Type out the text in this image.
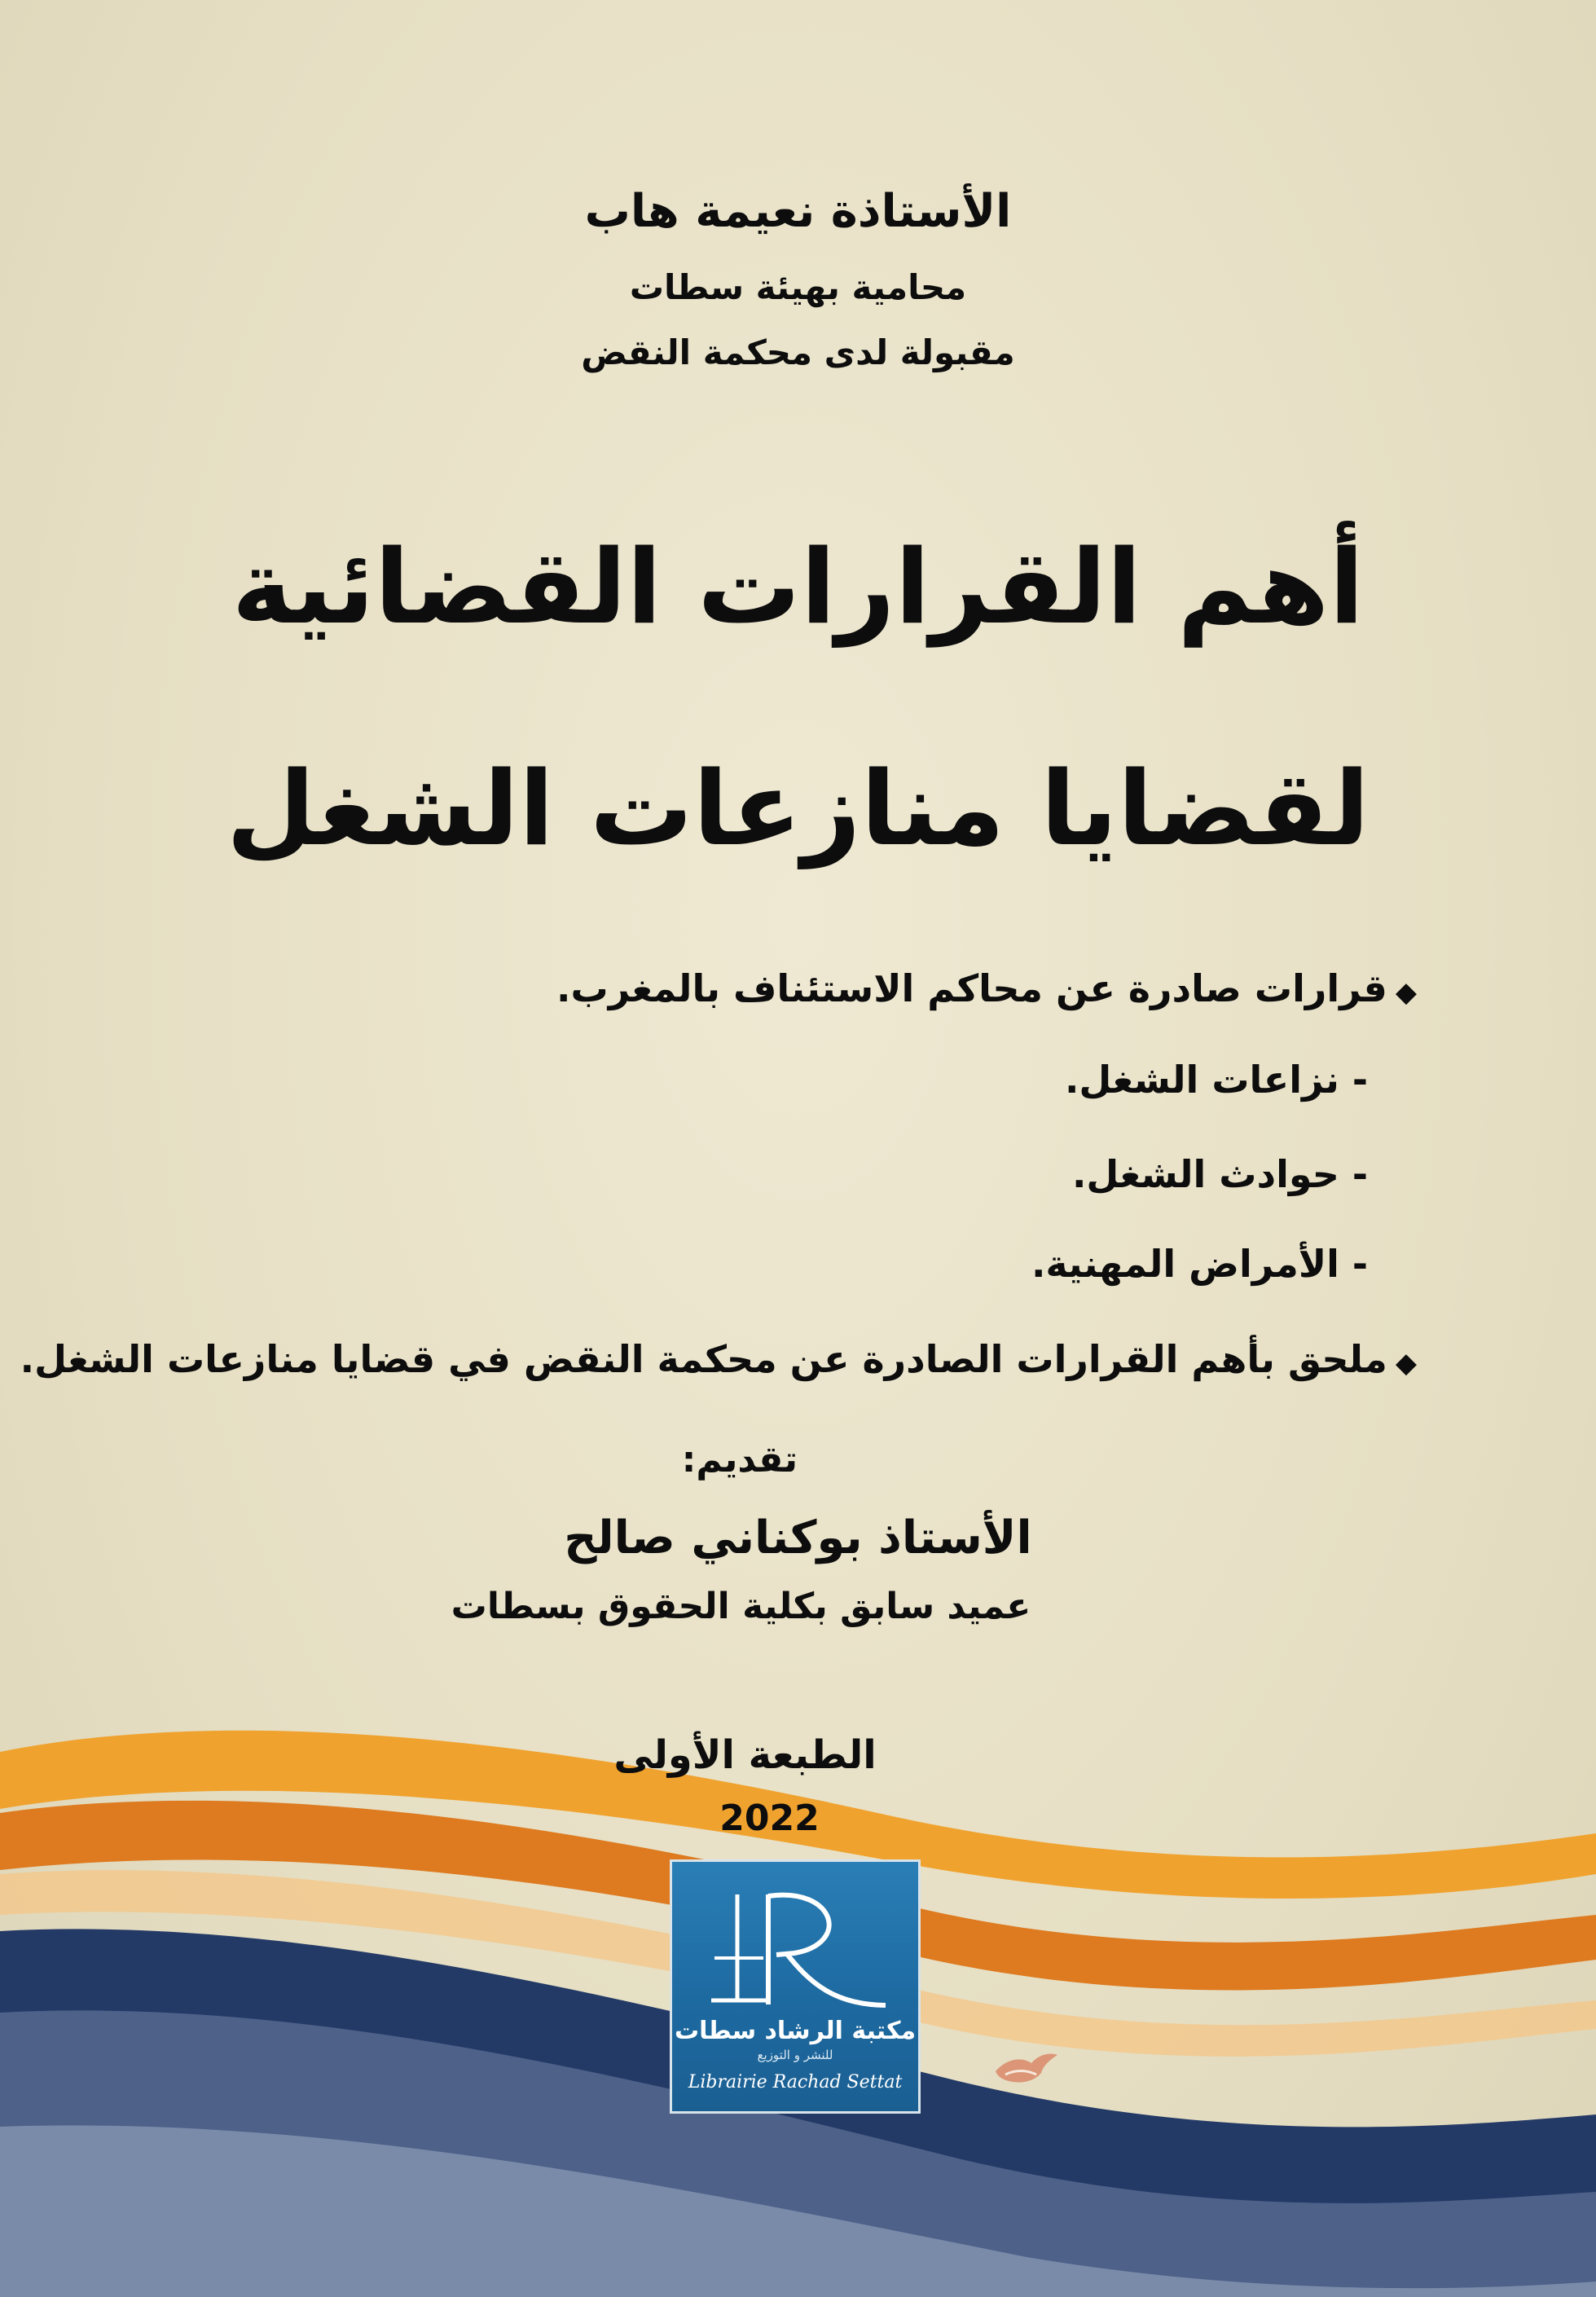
الأستاذة نعيمة هاب
محامية بهيئة سطات
مقبولة لدى محكمة النقض
أهم القرارات القضائية
لقضايا منازعات الشغل
◆قرارات صادرة عن محاكم الاستئناف بالمغرب.
- نزاعات الشغل.
- حوادث الشغل.
- الأمراض المهنية.
◆ملحق بأهم القرارات الصادرة عن محكمة النقض في قضايا منازعات الشغل.
تقديم:
الأستاذ بوكناني صالح
عميد سابق بكلية الحقوق بسطات
الطبعة الأولى
2022
مكتبة الرشاد سطات
للنشر و التوزيع
Librairie Rachad Settat
